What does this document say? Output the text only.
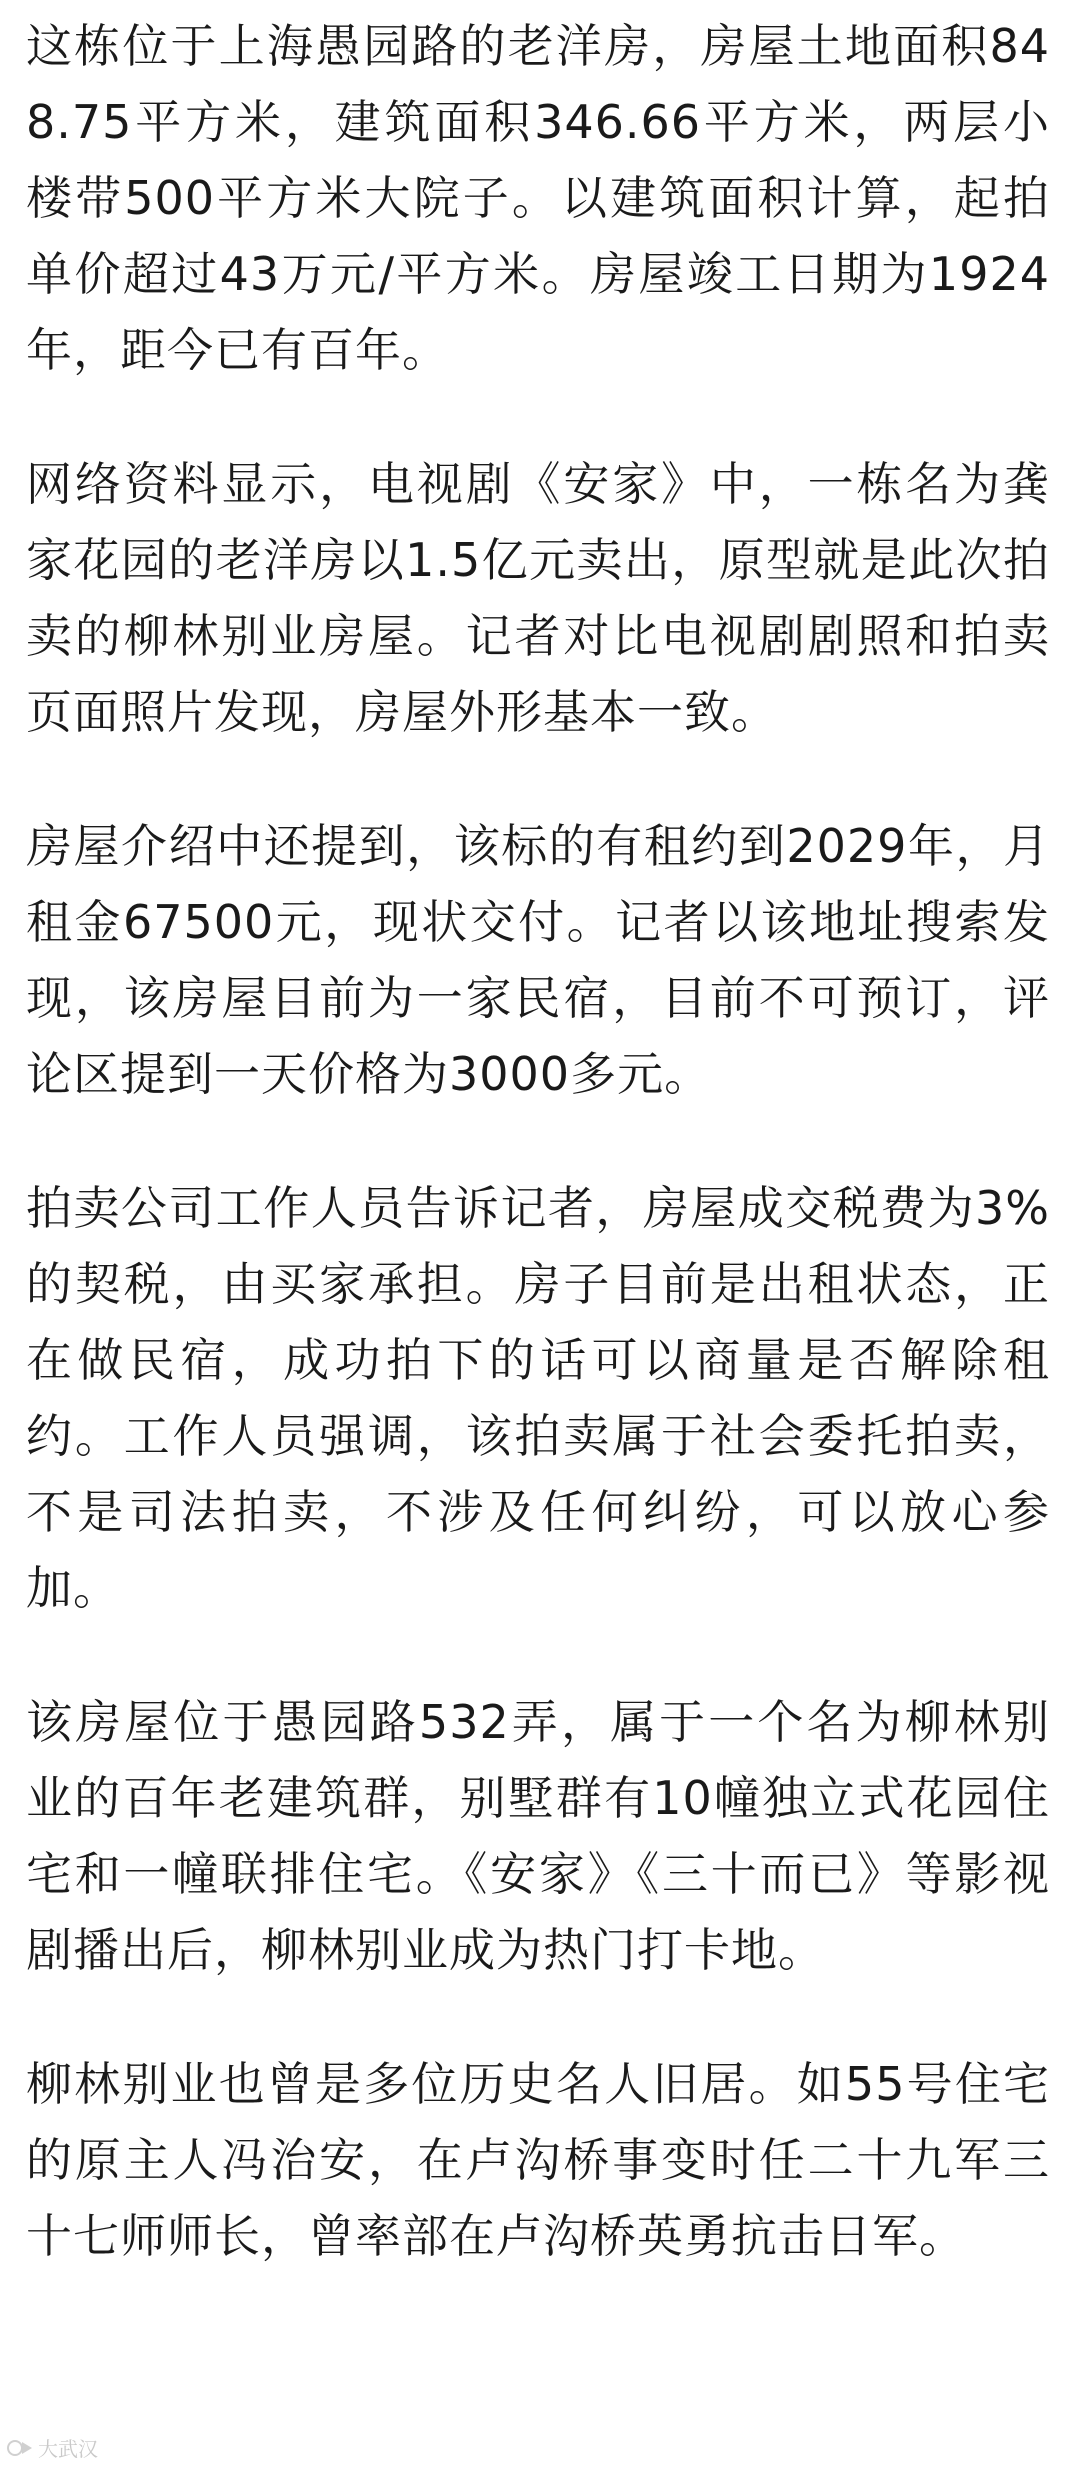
这栋位于上海愚园路的老洋房，房屋土地面积848.75平方米，建筑面积346.66平方米，两层小楼带500平方米大院子。以建筑面积计算，起拍单价超过43万元/平方米。房屋竣工日期为1924年，距今已有百年。

网络资料显示，电视剧《安家》中，一栋名为龚家花园的老洋房以1.5亿元卖出，原型就是此次拍卖的柳林别业房屋。记者对比电视剧剧照和拍卖页面照片发现，房屋外形基本一致。

房屋介绍中还提到，该标的有租约到2029年，月租金67500元，现状交付。记者以该地址搜索发现，该房屋目前为一家民宿，目前不可预订，评论区提到一天价格为3000多元。

拍卖公司工作人员告诉记者，房屋成交税费为3%的契税，由买家承担。房子目前是出租状态，正在做民宿，成功拍下的话可以商量是否解除租约。工作人员强调，该拍卖属于社会委托拍卖，不是司法拍卖，不涉及任何纠纷，可以放心参加。

该房屋位于愚园路532弄，属于一个名为柳林别业的百年老建筑群，别墅群有10幢独立式花园住宅和一幢联排住宅。《安家》《三十而已》等影视剧播出后，柳林别业成为热门打卡地。

柳林别业也曾是多位历史名人旧居。如55号住宅的原主人冯治安，在卢沟桥事变时任二十九军三十七师师长，曾率部在卢沟桥英勇抗击日军。

大武汉
